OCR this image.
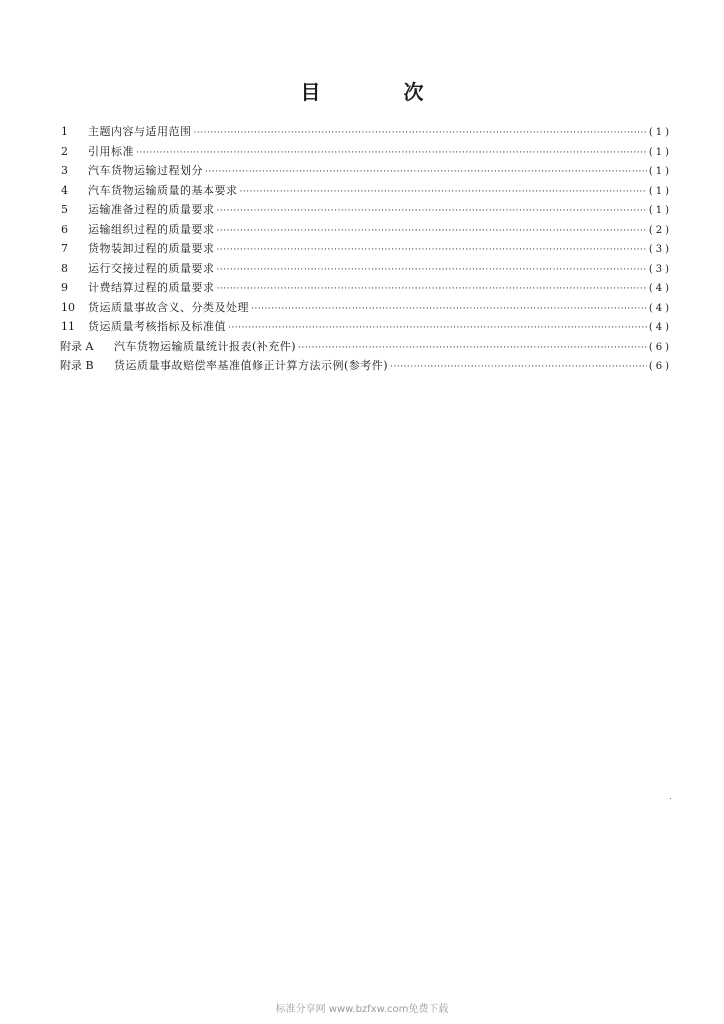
目 次
1	主题内容与适用范围 ·····	(1)
2	引用标准 ·····	(1)
3	汽车货物运输过程划分 ·····	(1)
4	汽车货物运输质量的基本要求 ·····	(1)
5	运输准备过程的质量要求 ·····	(1)
6	运输组织过程的质量要求 ·····	(2)
7	货物装卸过程的质量要求 ·····	(3)
8	运行交接过程的质量要求 ·····	(3)
9	计费结算过程的质量要求 ·····	(4)
10	货运质量事故含义、分类及处理 ·····	(4)
11	货运质量考核指标及标准值 ·····	(4)
附录 A	汽车货物运输质量统计报表(补充件) ·····	(6)
附录 B	货运质量事故赔偿率基准值修正计算方法示例(参考件) ·····	(6)
标准分享网 www.bzfxw.com免费下载
